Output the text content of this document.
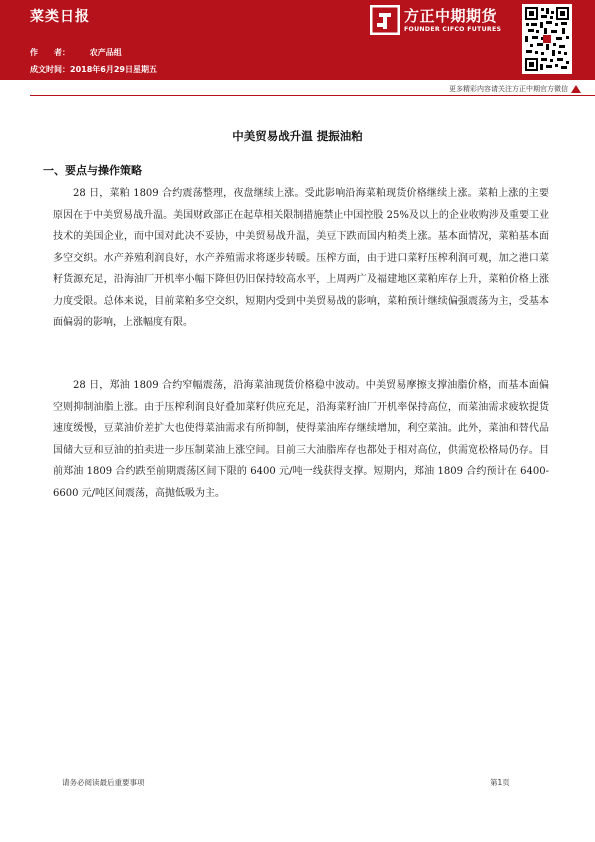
菜类日报
作　　者： 农产品组
成文时间：2018年6月29日星期五
方正中期期货
FOUNDER CIFCO FUTURES
更多精彩内容请关注方正中期官方微信
中美贸易战升温 提振油粕
一、要点与操作策略

28 日，菜粕 1809 合约震荡整理，夜盘继续上涨。受此影响沿海菜粕现货价格继续上涨。菜粕上涨的主要原因在于中美贸易战升温。美国财政部正在起草相关限制措施禁止中国控股 25%及以上的企业收购涉及重要工业技术的美国企业，而中国对此决不妥协，中美贸易战升温，美豆下跌而国内粕类上涨。基本面情况，菜粕基本面多空交织。水产养殖利润良好，水产养殖需求将逐步转暖。压榨方面，由于进口菜籽压榨利润可观，加之港口菜籽货源充足，沿海油厂开机率小幅下降但仍旧保持较高水平，上周两广及福建地区菜粕库存上升，菜粕价格上涨力度受限。总体来说，目前菜粕多空交织，短期内受到中美贸易战的影响，菜粕预计继续偏强震荡为主，受基本面偏弱的影响，上涨幅度有限。

28 日，郑油 1809 合约窄幅震荡，沿海菜油现货价格稳中波动。中美贸易摩擦支撑油脂价格，而基本面偏空则抑制油脂上涨。由于压榨利润良好叠加菜籽供应充足，沿海菜籽油厂开机率保持高位，而菜油需求疲软提货速度缓慢，豆菜油价差扩大也使得菜油需求有所抑制，使得菜油库存继续增加，利空菜油。此外，菜油和替代品国储大豆和豆油的拍卖进一步压制菜油上涨空间。目前三大油脂库存也都处于相对高位，供需宽松格局仍存。目前郑油 1809 合约跌至前期震荡区间下限的 6400 元/吨一线获得支撑。短期内，郑油 1809 合约预计在 6400-6600 元/吨区间震荡，高抛低吸为主。

请务必阅读最后重要事项	第1页
